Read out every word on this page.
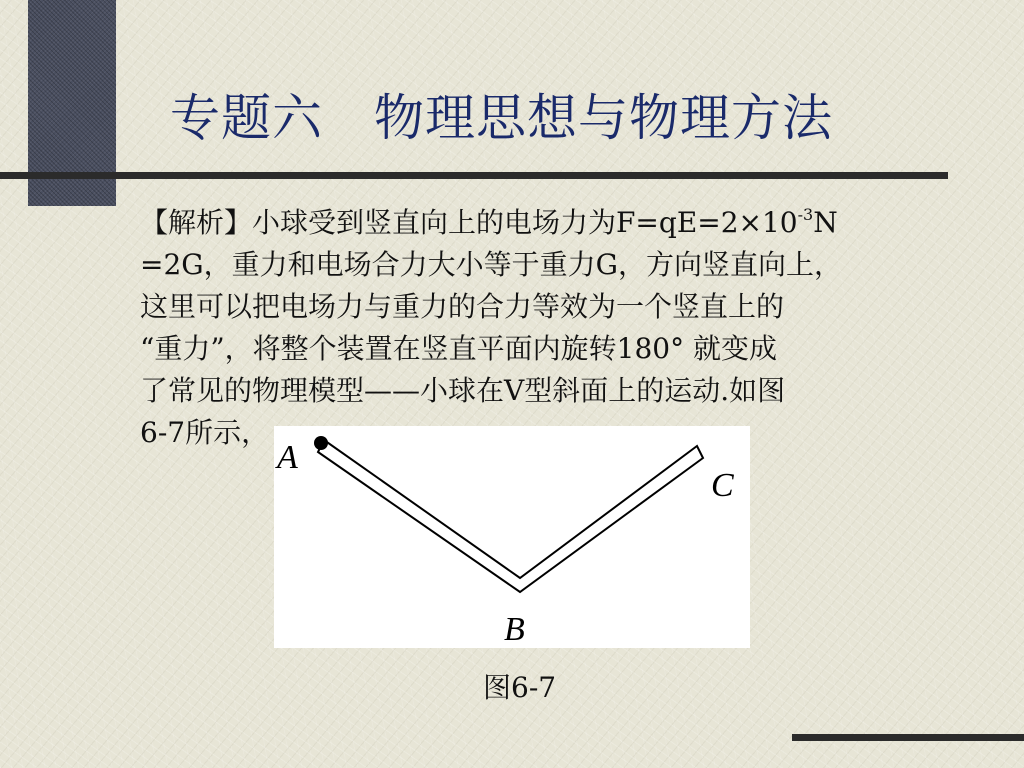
专题六　物理思想与物理方法

【解析】小球受到竖直向上的电场力为$F=qE=2\times 10^{-3}N$

=2G，重力和电场合力大小等于重力G，方向竖直向上，

这里可以把电场力与重力的合力等效为一个竖直上的

“重力”，将整个装置在竖直平面内旋转180° 就变成

了常见的物理模型——小球在V型斜面上的运动.如图

6-7所示，

A
C
B
图6-7
